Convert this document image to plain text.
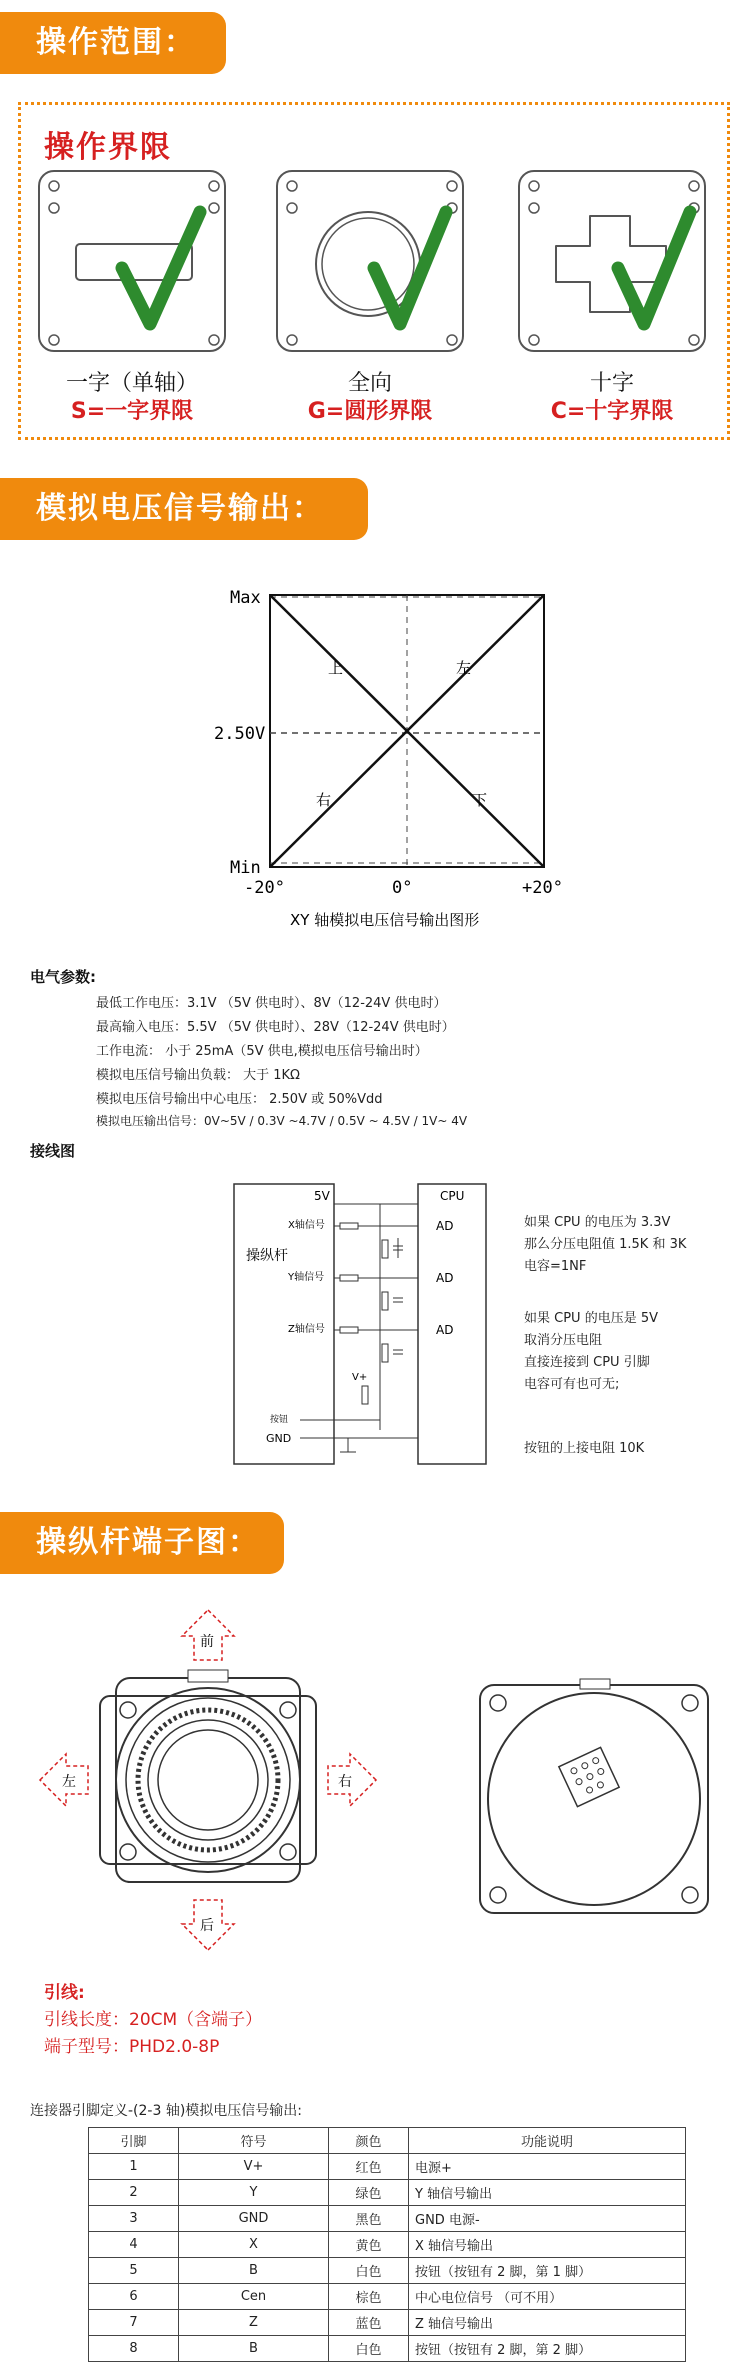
操作范围：
操作界限
一字（单轴）
S=一字界限
全向
G=圆形界限
十字
C=十字界限
模拟电压信号输出：
Max
2.50V
Min
-20°	0°	+20°
上	左
右	下
XY 轴模拟电压信号输出图形
电气参数:
最低工作电压：3.1V （5V 供电时）、8V（12-24V 供电时）
最高输入电压：5.5V （5V 供电时）、28V（12-24V 供电时）
工作电流： 小于 25mA（5V 供电,模拟电压信号输出时）
模拟电压信号输出负载： 大于 1KΩ
模拟电压信号输出中心电压： 2.50V 或 50%Vdd
模拟电压输出信号：0V~5V / 0.3V ~4.7V / 0.5V ~ 4.5V / 1V~ 4V
接线图
5V	CPU
操纵杆
X轴信号	AD
Y轴信号	AD
Z轴信号	AD
V+
按钮
GND
如果 CPU 的电压为 3.3V
那么分压电阻值 1.5K 和 3K
电容=1NF
如果 CPU 的电压是 5V
取消分压电阻
直接连接到 CPU 引脚
电容可有也可无;
按钮的上接电阻 10K
操纵杆端子图：
前
后
左	右
引线:
引线长度：20CM（含端子）
端子型号：PHD2.0-8P
连接器引脚定义-(2-3 轴)模拟电压信号输出:
引脚	符号	颜色	功能说明
1	V+	红色	电源+
2	Y	绿色	Y 轴信号输出
3	GND	黑色	GND 电源-
4	X	黄色	X 轴信号输出
5	B	白色	按钮（按钮有 2 脚，第 1 脚）
6	Cen	棕色	中心电位信号 （可不用）
7	Z	蓝色	Z 轴信号输出
8	B	白色	按钮（按钮有 2 脚，第 2 脚）
